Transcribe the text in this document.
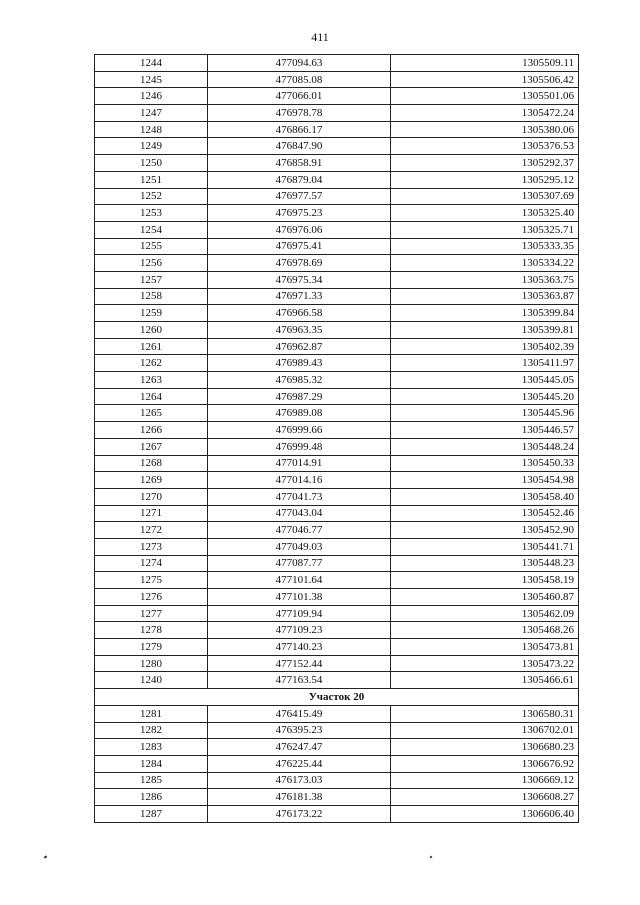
411
1244	477094.63	1305509.11
1245	477085.08	1305506.42
1246	477066.01	1305501.06
1247	476978.78	1305472.24
1248	476866.17	1305380.06
1249	476847.90	1305376.53
1250	476858.91	1305292.37
1251	476879.04	1305295.12
1252	476977.57	1305307.69
1253	476975.23	1305325.40
1254	476976.06	1305325.71
1255	476975.41	1305333.35
1256	476978.69	1305334.22
1257	476975.34	1305363.75
1258	476971.33	1305363.87
1259	476966.58	1305399.84
1260	476963.35	1305399.81
1261	476962.87	1305402.39
1262	476989.43	1305411.97
1263	476985.32	1305445.05
1264	476987.29	1305445.20
1265	476989.08	1305445.96
1266	476999.66	1305446.57
1267	476999.48	1305448.24
1268	477014.91	1305450.33
1269	477014.16	1305454.98
1270	477041.73	1305458.40
1271	477043.04	1305452.46
1272	477046.77	1305452.90
1273	477049.03	1305441.71
1274	477087.77	1305448.23
1275	477101.64	1305458.19
1276	477101.38	1305460.87
1277	477109.94	1305462.09
1278	477109.23	1305468.26
1279	477140.23	1305473.81
1280	477152.44	1305473.22
1240	477163.54	1305466.61
Участок 20		
1281	476415.49	1306580.31
1282	476395.23	1306702.01
1283	476247.47	1306680.23
1284	476225.44	1306676.92
1285	476173.03	1306669.12
1286	476181.38	1306608.27
1287	476173.22	1306606.40
